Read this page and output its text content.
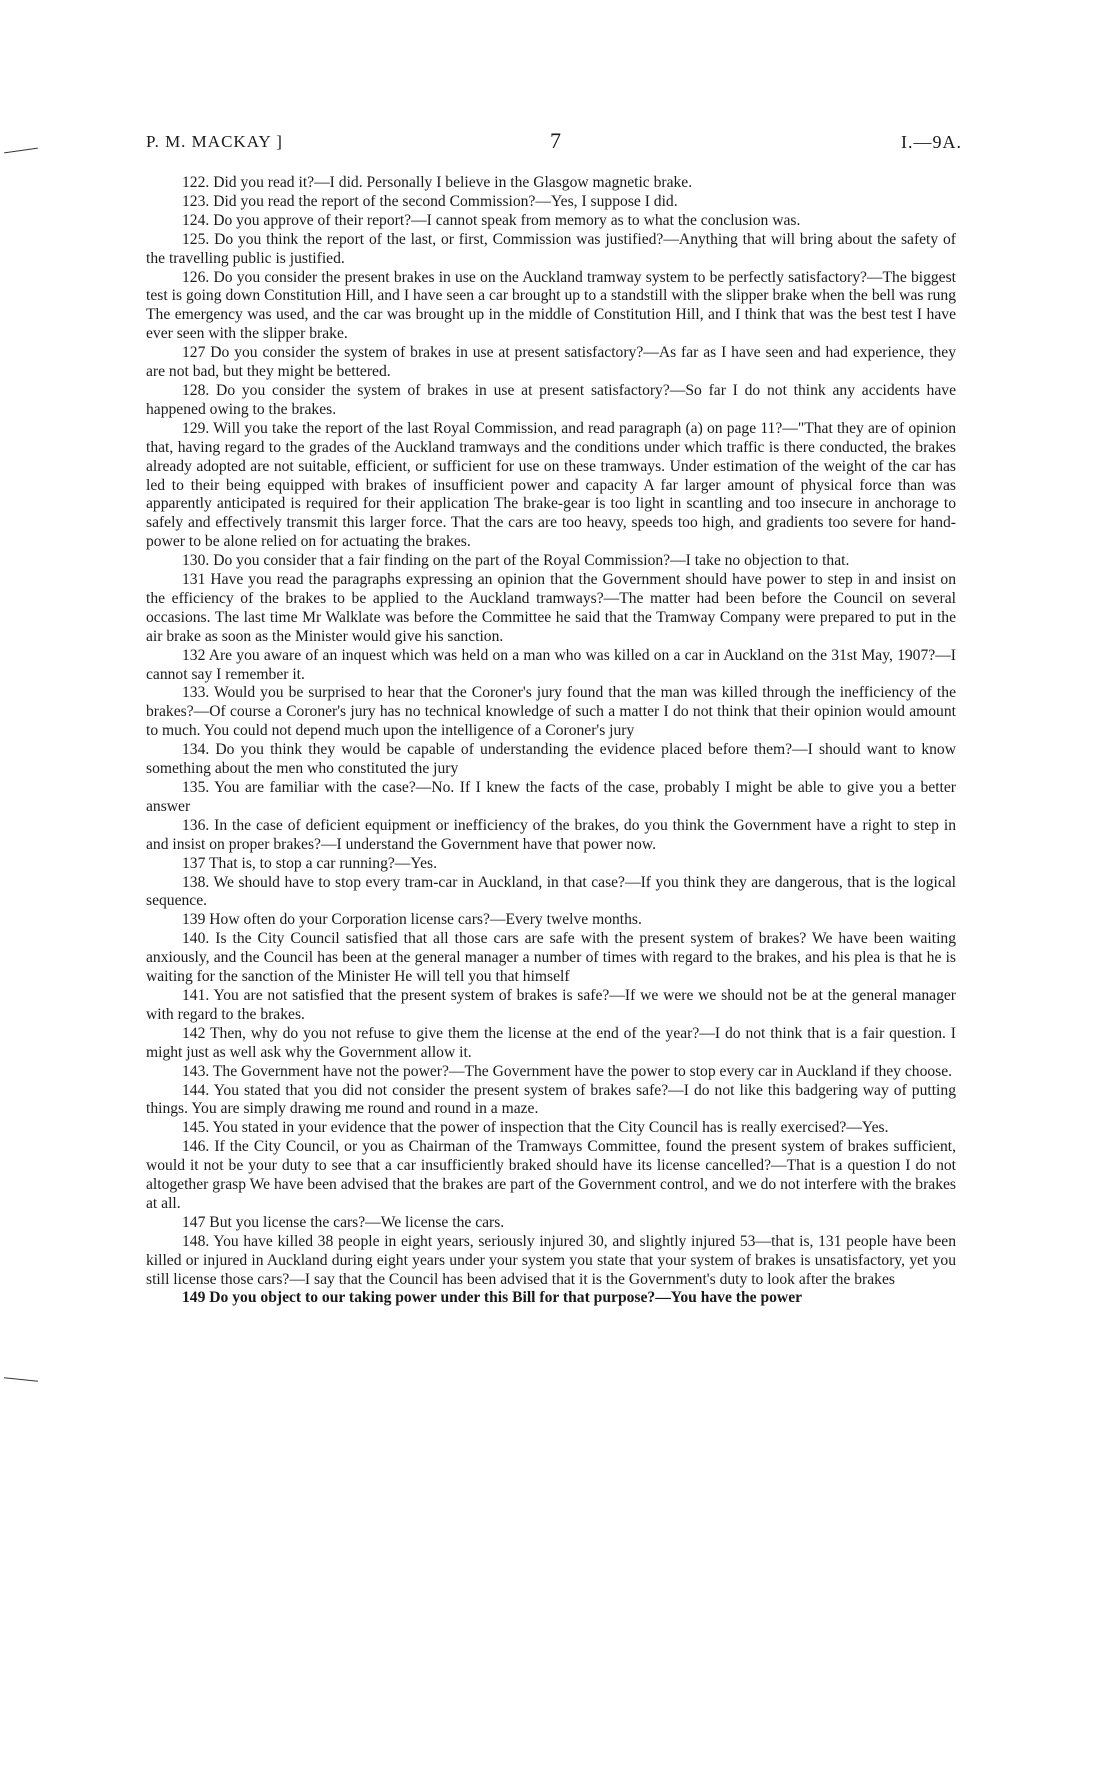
P. M. MACKAY ]	7	I.—9A.

122. Did you read it?—I did. Personally I believe in the Glasgow magnetic brake.

123. Did you read the report of the second Commission?—Yes, I suppose I did.

124. Do you approve of their report?—I cannot speak from memory as to what the conclusion was.

125. Do you think the report of the last, or first, Commission was justified?—Anything that will bring about the safety of the travelling public is justified.

126. Do you consider the present brakes in use on the Auckland tramway system to be perfectly satisfactory?—The biggest test is going down Constitution Hill, and I have seen a car brought up to a standstill with the slipper brake when the bell was rung The emergency was used, and the car was brought up in the middle of Constitution Hill, and I think that was the best test I have ever seen with the slipper brake.

127 Do you consider the system of brakes in use at present satisfactory?—As far as I have seen and had experience, they are not bad, but they might be bettered.

128. Do you consider the system of brakes in use at present satisfactory?—So far I do not think any accidents have happened owing to the brakes.

129. Will you take the report of the last Royal Commission, and read paragraph (a) on page 11?—"That they are of opinion that, having regard to the grades of the Auckland tramways and the conditions under which traffic is there conducted, the brakes already adopted are not suitable, efficient, or sufficient for use on these tramways. Under estimation of the weight of the car has led to their being equipped with brakes of insufficient power and capacity A far larger amount of physical force than was apparently anticipated is required for their application The brake-gear is too light in scantling and too insecure in anchorage to safely and effectively transmit this larger force. That the cars are too heavy, speeds too high, and gradients too severe for hand-power to be alone relied on for actuating the brakes.

130. Do you consider that a fair finding on the part of the Royal Commission?—I take no objection to that.

131 Have you read the paragraphs expressing an opinion that the Government should have power to step in and insist on the efficiency of the brakes to be applied to the Auckland tramways?—The matter had been before the Council on several occasions. The last time Mr Walklate was before the Committee he said that the Tramway Company were prepared to put in the air brake as soon as the Minister would give his sanction.

132 Are you aware of an inquest which was held on a man who was killed on a car in Auckland on the 31st May, 1907?—I cannot say I remember it.

133. Would you be surprised to hear that the Coroner's jury found that the man was killed through the inefficiency of the brakes?—Of course a Coroner's jury has no technical knowledge of such a matter I do not think that their opinion would amount to much. You could not depend much upon the intelligence of a Coroner's jury

134. Do you think they would be capable of understanding the evidence placed before them?—I should want to know something about the men who constituted the jury

135. You are familiar with the case?—No. If I knew the facts of the case, probably I might be able to give you a better answer

136. In the case of deficient equipment or inefficiency of the brakes, do you think the Government have a right to step in and insist on proper brakes?—I understand the Government have that power now.

137 That is, to stop a car running?—Yes.

138. We should have to stop every tram-car in Auckland, in that case?—If you think they are dangerous, that is the logical sequence.

139 How often do your Corporation license cars?—Every twelve months.

140. Is the City Council satisfied that all those cars are safe with the present system of brakes? We have been waiting anxiously, and the Council has been at the general manager a number of times with regard to the brakes, and his plea is that he is waiting for the sanction of the Minister He will tell you that himself

141. You are not satisfied that the present system of brakes is safe?—If we were we should not be at the general manager with regard to the brakes.

142 Then, why do you not refuse to give them the license at the end of the year?—I do not think that is a fair question. I might just as well ask why the Government allow it.

143. The Government have not the power?—The Government have the power to stop every car in Auckland if they choose.

144. You stated that you did not consider the present system of brakes safe?—I do not like this badgering way of putting things. You are simply drawing me round and round in a maze.

145. You stated in your evidence that the power of inspection that the City Council has is really exercised?—Yes.

146. If the City Council, or you as Chairman of the Tramways Committee, found the present system of brakes sufficient, would it not be your duty to see that a car insufficiently braked should have its license cancelled?—That is a question I do not altogether grasp We have been advised that the brakes are part of the Government control, and we do not interfere with the brakes at all.

147 But you license the cars?—We license the cars.

148. You have killed 38 people in eight years, seriously injured 30, and slightly injured 53—that is, 131 people have been killed or injured in Auckland during eight years under your system you state that your system of brakes is unsatisfactory, yet you still license those cars?—I say that the Council has been advised that it is the Government's duty to look after the brakes

149 Do you object to our taking power under this Bill for that purpose?—You have the power
